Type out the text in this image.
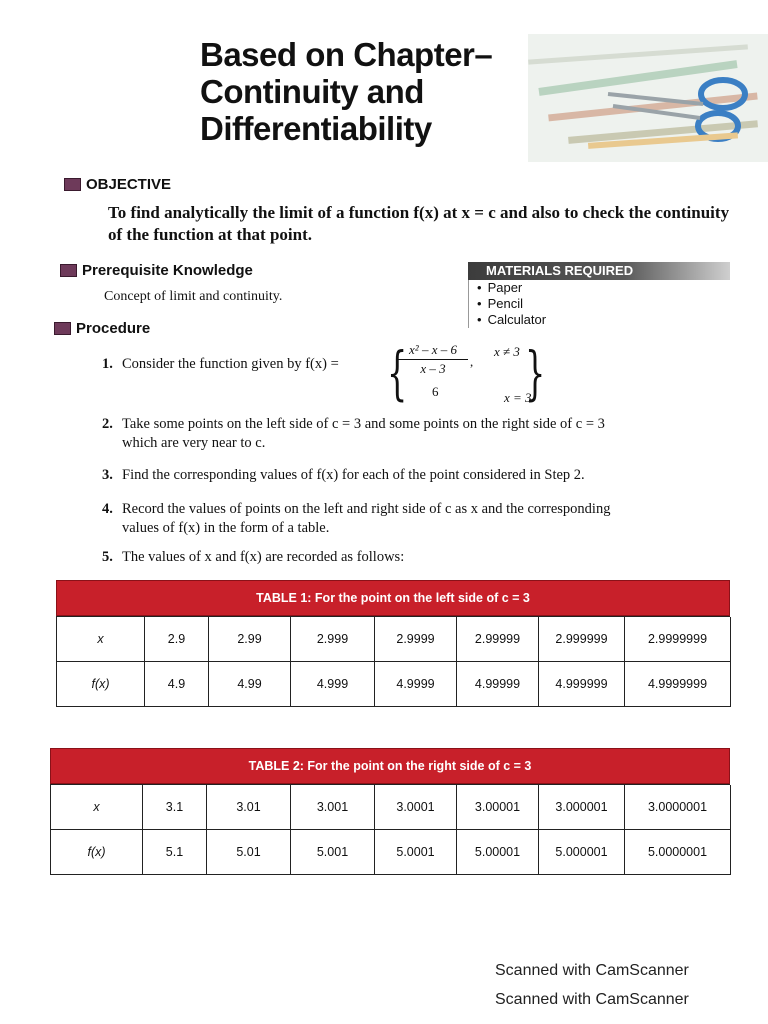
Based on Chapter–
Continuity and
Differentiability
OBJECTIVE
To find analytically the limit of a function f(x) at x = c and also to check the continuity of the function at that point.
Prerequisite Knowledge
Concept of limit and continuity.
MATERIALS REQUIRED
• Paper
• Pencil
• Calculator
Procedure
1. Consider the function given by f(x) = {
$\frac{\text{x² – x – 6}}{x - 3}$ ,
6
x ≠ 3
x = 3
}
2. Take some points on the left side of c = 3 and some points on the right side of c = 3
which are very near to c.
3. Find the corresponding values of f(x) for each of the point considered in Step 2.
4. Record the values of points on the left and right side of c as x and the corresponding
values of f(x) in the form of a table.
5. The values of x and f(x) are recorded as follows:
TABLE 1: For the point on the left side of c = 3
x	2.9	2.99	2.999	2.9999	2.99999	2.999999	2.9999999
f(x)	4.9	4.99	4.999	4.9999	4.99999	4.999999	4.9999999
TABLE 2: For the point on the right side of c = 3
x	3.1	3.01	3.001	3.0001	3.00001	3.000001	3.0000001
f(x)	5.1	5.01	5.001	5.0001	5.00001	5.000001	5.0000001
Scanned with CamScanner
Scanned with CamScanner
